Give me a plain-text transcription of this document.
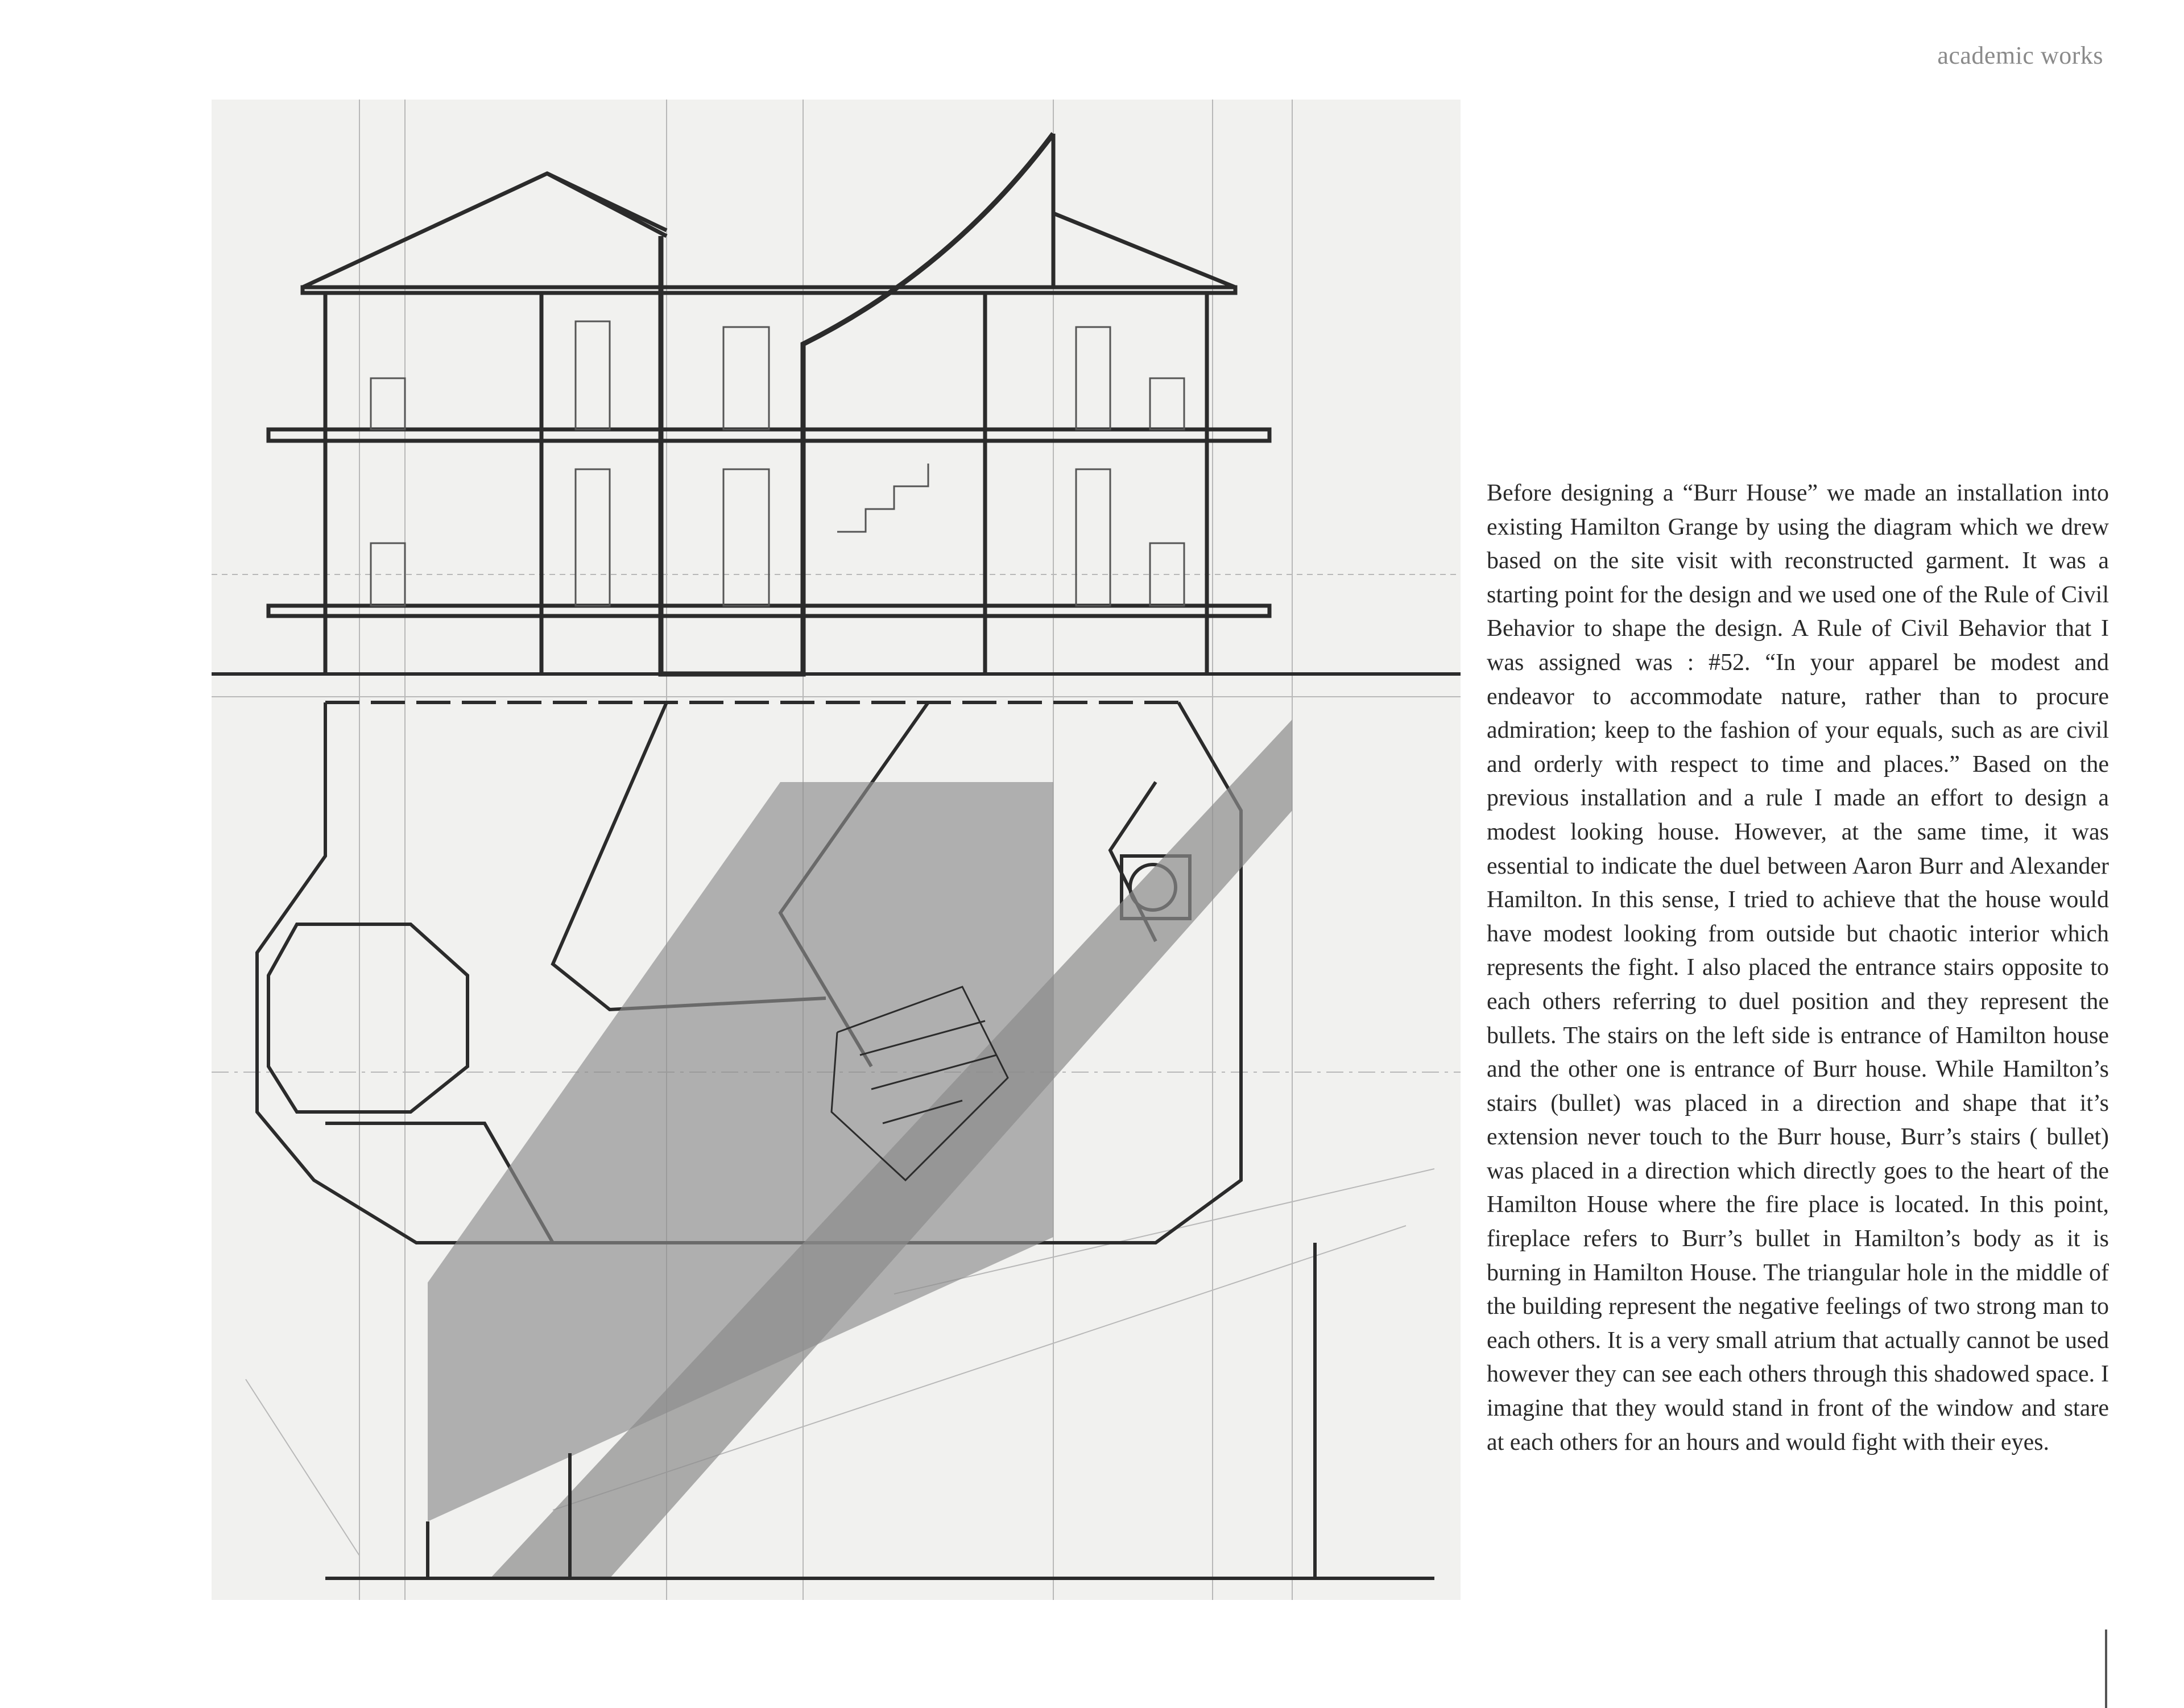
academic works
Before designing a “Burr House” we made an installation into existing Hamilton Grange by using the diagram which we drew based on the site visit with reconstructed garment. It was a starting point for the design and we used one of the Rule of Civil Behavior to shape the design. A Rule of Civil Behavior that I was assigned was : #52. “In your apparel be modest and endeavor to accommodate nature, rather than to procure admiration; keep to the fashion of your equals, such as are civil and orderly with respect to time and places.” Based on the previous installation and a rule I made an effort to design a modest looking house. However, at the same time, it was essential to indicate the duel between Aaron Burr and Alexander Hamilton. In this sense, I tried to achieve that the house would have modest looking from outside but chaotic interior which represents the fight. I also placed the entrance stairs opposite to each others referring to duel position and they represent the bullets. The stairs on the left side is entrance of Hamilton house and the other one is entrance of Burr house. While Hamilton’s stairs (bullet) was placed in a direction and shape that it’s extension never touch to the Burr house, Burr’s stairs ( bullet) was placed in a direction which directly goes to the heart of the Hamilton House where the fire place is located. In this point, fireplace refers to Burr’s bullet in Hamilton’s body as it is burning in Hamilton House. The triangular hole in the middle of the building represent the negative feelings of two strong man to each others. It is a very small atrium that actually cannot be used however they can see each others through this shadowed space. I imagine that they would stand in front of the window and stare at each others for an hours and would fight with their eyes.
